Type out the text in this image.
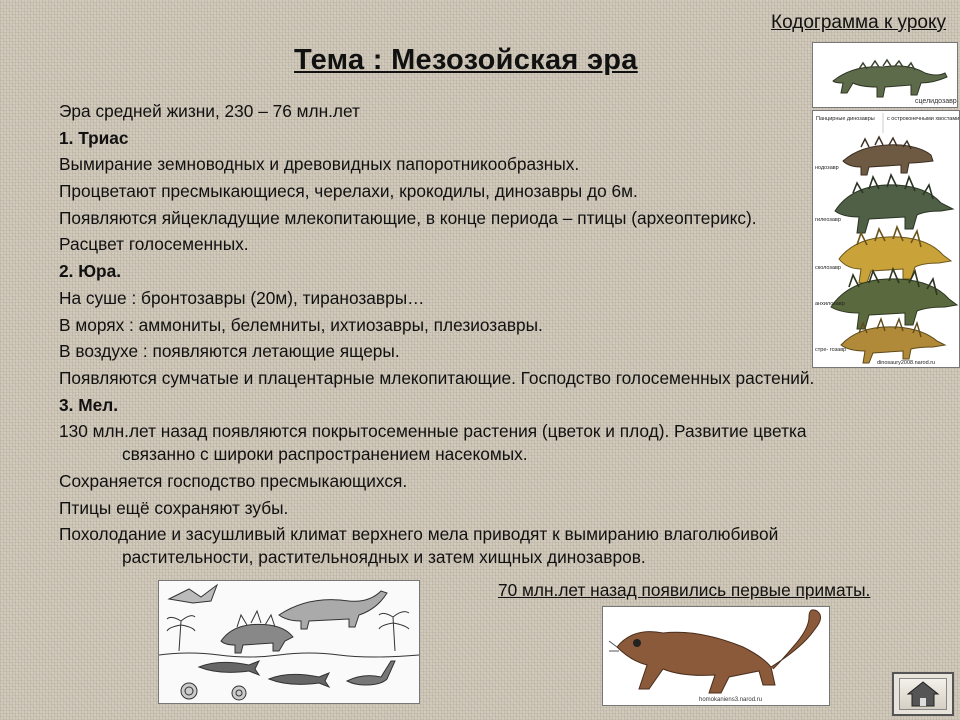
Кодограмма к уроку
Тема : Мезозойская эра
Эра средней жизни, 230 – 76 млн.лет
1. Триас
Вымирание земноводных и древовидных папоротникообразных.
Процветают пресмыкающиеся, черелахи, крокодилы, динозавры до 6м.
Появляются яйцекладущие млекопитающие, в конце периода – птицы (археоптерикс).
Расцвет голосеменных.
2. Юра.
На суше : бронтозавры (20м), тиранозавры…
В морях : аммониты, белемниты, ихтиозавры, плезиозавры.
В воздухе : появляются летающие ящеры.
Появляются сумчатые и плацентарные млекопитающие. Господство голосеменных растений.
3. Мел.
130 млн.лет назад появляются покрытосеменные растения (цветок и плод). Развитие цветка
связанно с широки распространением насекомых.
Сохраняется господство пресмыкающихся.
Птицы ещё сохраняют зубы.
Похолодание и засушливый климат верхнего мела приводят к вымиранию влаголюбивой
растительности, растительноядных и затем хищных динозавров.
70 млн.лет назад появились первые приматы.
сцелидозавр
Панцирные динозавры с остроконечными хвостами
нодозавр
гилеозавр
сколозавр
анхилозавр
стре- гозавр
dinosaury2008.narod.ru
homokaniens3.narod.ru
